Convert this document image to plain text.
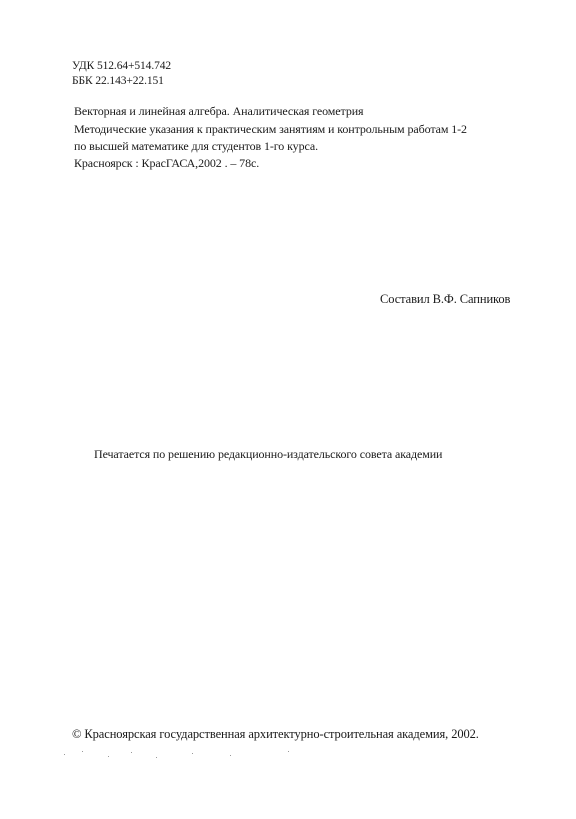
УДК 512.64+514.742
ББК 22.143+22.151
Векторная и линейная алгебра. Аналитическая геометрия
Методические указания к практическим занятиям и контрольным работам 1-2
по высшей математике для студентов 1-го курса.
Красноярск : КрасГАСА,2002 . – 78с.
Составил В.Ф. Сапников
Печатается по решению редакционно-издательского совета академии
© Красноярская государственная архитектурно-строительная академия, 2002.
